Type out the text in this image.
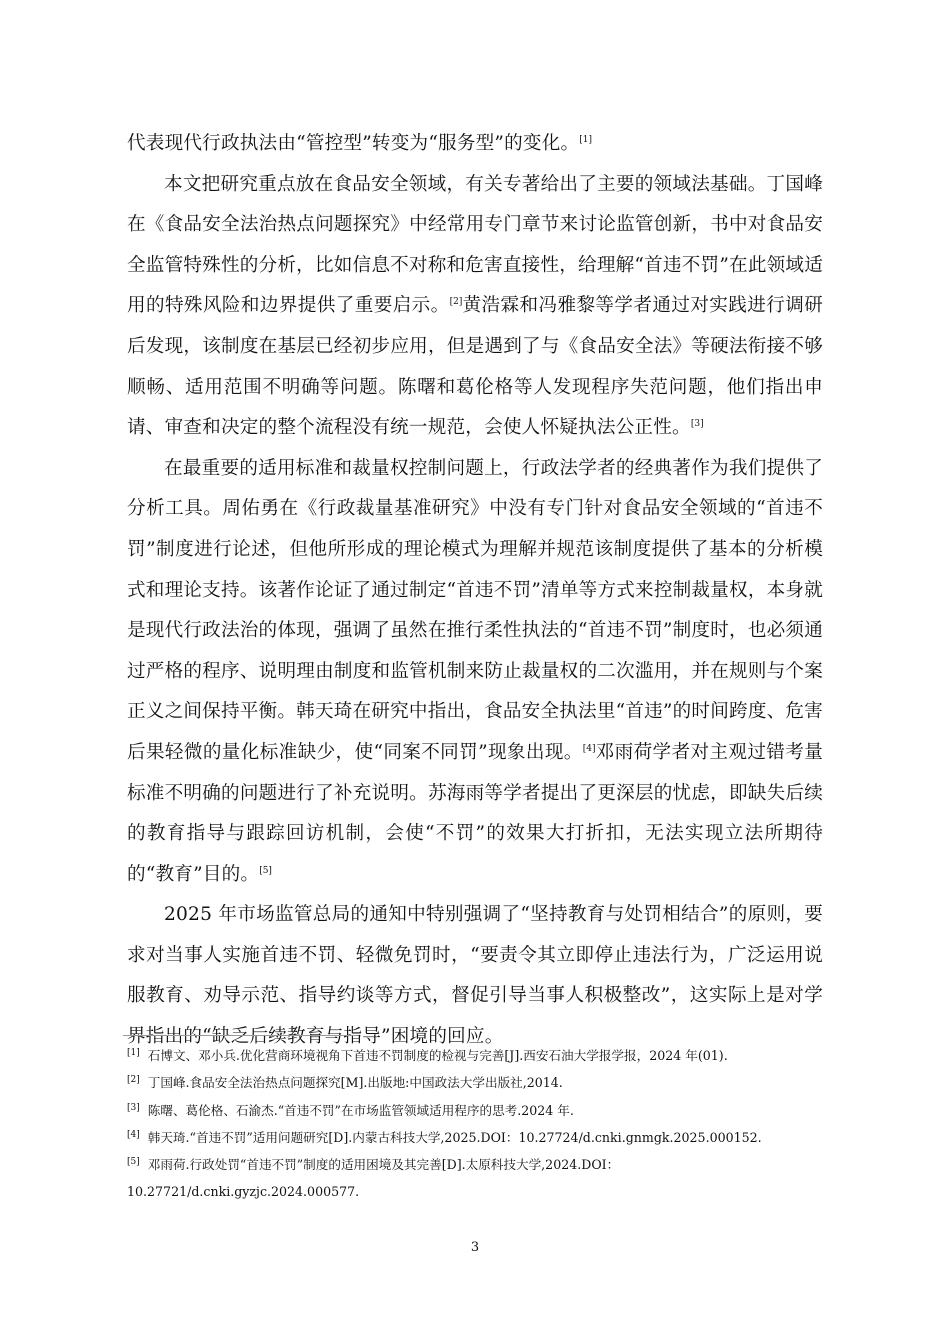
代表现代行政执法由“管控型”转变为“服务型”的变化。[1]

本文把研究重点放在食品安全领域，有关专著给出了主要的领域法基础。丁国峰在《食品安全法治热点问题探究》中经常用专门章节来讨论监管创新，书中对食品安全监管特殊性的分析，比如信息不对称和危害直接性，给理解“首违不罚”在此领域适用的特殊风险和边界提供了重要启示。[2]黄浩霖和冯雅黎等学者通过对实践进行调研后发现，该制度在基层已经初步应用，但是遇到了与《食品安全法》等硬法衔接不够顺畅、适用范围不明确等问题。陈曙和葛伦格等人发现程序失范问题，他们指出申请、审查和决定的整个流程没有统一规范，会使人怀疑执法公正性。[3]

在最重要的适用标准和裁量权控制问题上，行政法学者的经典著作为我们提供了分析工具。周佑勇在《行政裁量基准研究》中没有专门针对食品安全领域的“首违不罚”制度进行论述，但他所形成的理论模式为理解并规范该制度提供了基本的分析模式和理论支持。该著作论证了通过制定“首违不罚”清单等方式来控制裁量权，本身就是现代行政法治的体现，强调了虽然在推行柔性执法的“首违不罚”制度时，也必须通过严格的程序、说明理由制度和监管机制来防止裁量权的二次滥用，并在规则与个案正义之间保持平衡。韩天琦在研究中指出，食品安全执法里“首违”的时间跨度、危害后果轻微的量化标准缺少，使“同案不同罚”现象出现。[4]邓雨荷学者对主观过错考量标准不明确的问题进行了补充说明。苏海雨等学者提出了更深层的忧虑，即缺失后续的教育指导与跟踪回访机制，会使“不罚”的效果大打折扣，无法实现立法所期待的“教育”目的。[5]

2025 年市场监管总局的通知中特别强调了“坚持教育与处罚相结合”的原则，要求对当事人实施首违不罚、轻微免罚时，“要责令其立即停止违法行为，广泛运用说服教育、劝导示范、指导约谈等方式，督促引导当事人积极整改”，这实际上是对学界指出的“缺乏后续教育与指导”困境的回应。

[1] 石博文、邓小兵.优化营商环境视角下首违不罚制度的检视与完善[J].西安石油大学报学报，2024 年(01).

[2] 丁国峰.食品安全法治热点问题探究[M].出版地:中国政法大学出版社,2014.

[3] 陈曙、葛伦格、石渝杰.“首违不罚”在市场监管领域适用程序的思考.2024 年.

[4] 韩天琦.“首违不罚”适用问题研究[D].内蒙古科技大学,2025.DOI：10.27724/d.cnki.gnmgk.2025.000152.

[5] 邓雨荷.行政处罚“首违不罚”制度的适用困境及其完善[D].太原科技大学,2024.DOI：

10.27721/d.cnki.gyzjc.2024.000577.

3
